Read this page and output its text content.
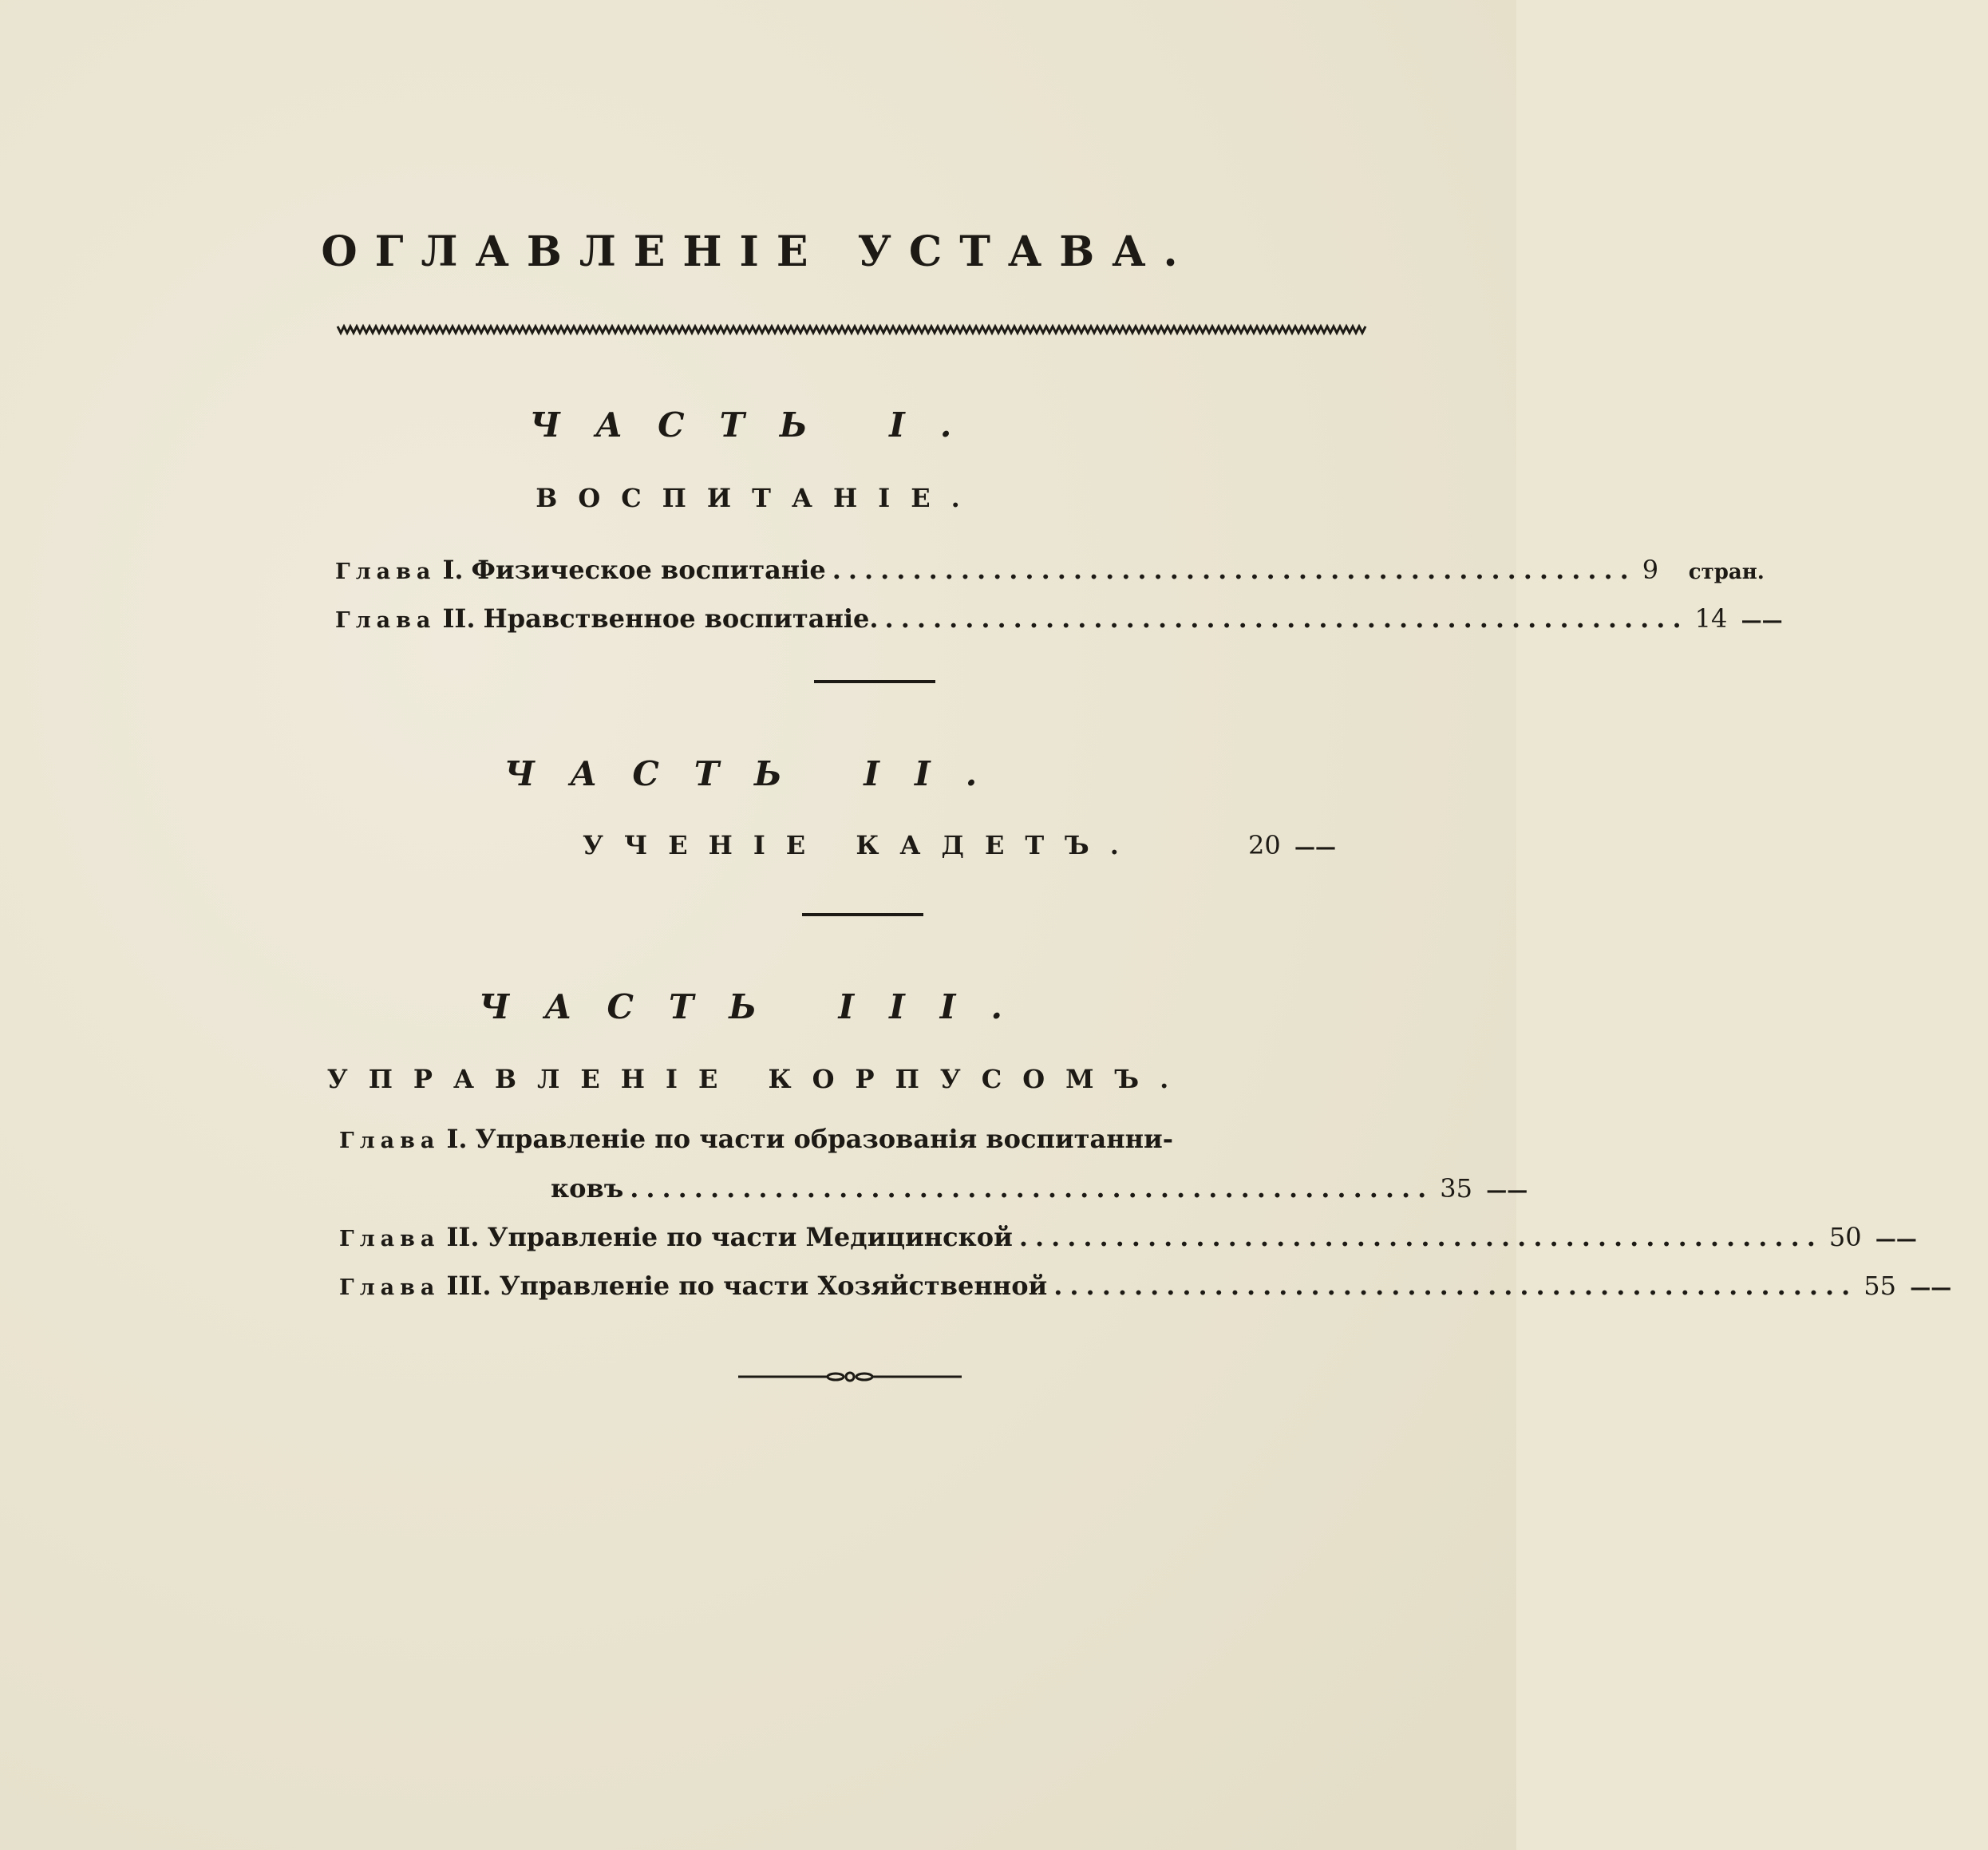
ОГЛАВЛЕНІЕ УСТАВА.
ЧАСТЬ I.
ВОСПИТАНІЕ.
Глава I. Физическое воспитаніе .................................................. 9	стран.
Глава II. Нравственное воспитаніе. .................................................. 14 ——
ЧАСТЬ II.
УЧЕНІЕ КАДЕТЪ.	20 ——
ЧАСТЬ III.
УПРАВЛЕНІЕ КОРПУСОМЪ.
Глава I. Управленіе по части образованія воспитанни-
ковъ .................................................. 35 ——
Глава II. Управленіе по части Медицинской .................................................. 50 ——
Глава III. Управленіе по части Хозяйственной .................................................. 55 ——
